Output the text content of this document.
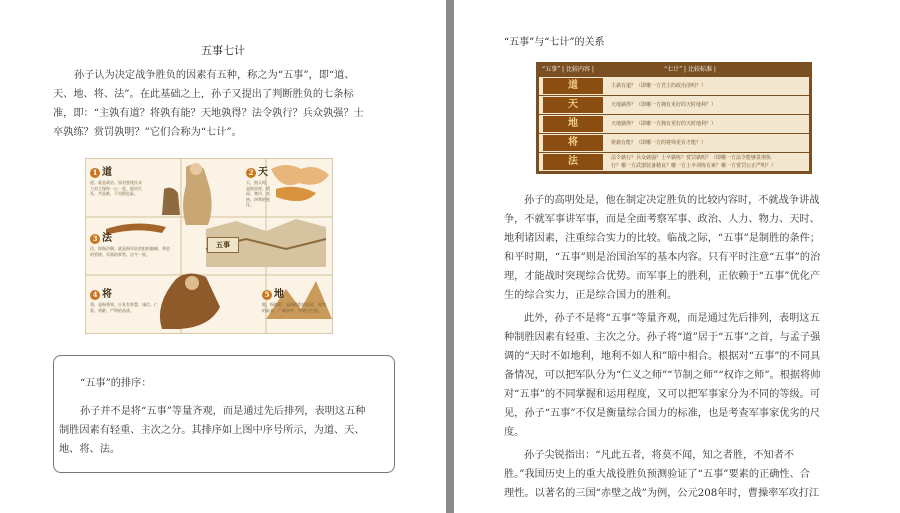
五事七计

孙子认为决定战争胜负的因素有五种，称之为“五事”，即“道、

天、地、将、法”。在此基础之上，孙子又提出了判断胜负的七条标

准，即：“主孰有道？将孰有能？天地孰得？法令孰行？兵众孰强？士

卒孰练？赏罚孰明？”它们合称为“七计”。

1 道
道，就是政治。国君要使民众与君主保持一心一意，能同生死，共患难，不畏惧危险。
2 天
天，指天时，是指昼夜、晴雨、寒冷、炎热、四季的变化。
3 法
法，即指法制。就是指军队的组织编制、将吏的管辖、军需的掌管。法令一致。
4 将
将，是指将领。应具有智慧、诚信、仁爱、勇敢、严明的品质。
5 地
地，指地形，是指路程的远近，地势的险易，广阔狭窄，死地与生地。
五事

“五事”的排序：

孙子并不是将“五事”等量齐观，而是通过先后排列，表明这五种

制胜因素有轻重、主次之分。其排序如上图中序号所示，为道、天、

地、将、法。

“五事”与“七计”的关系

孙子的高明处是，他在制定决定胜负的比较内容时，不就战争讲战

争，不就军事讲军事，而是全面考察军事、政治、人力、物力、天时、

地利诸因素，注重综合实力的比较。临战之际，“五事”是制胜的条件；

和平时期，“五事”则是治国治军的基本内容。只有平时注意“五事”的治

理，才能战时突现综合优势。而军事上的胜利，正依赖于“五事”优化产

生的综合实力，正是综合国力的胜利。

此外，孙子不是将“五事”等量齐观，而是通过先后排列，表明这五

种制胜因素有轻重、主次之分。孙子将“道”居于“五事”之首，与孟子强

调的“天时不如地利，地利不如人和”暗中相合。根据对“五事”的不同具

备情况，可以把军队分为“仁义之师”“节制之师”“权诈之师”。根据将帅

对“五事”的不同掌握和运用程度，又可以把军事家分为不同的等级。可

见，孙子“五事”不仅是衡量综合国力的标准，也是考查军事家优劣的尺

度。

孙子尖锐指出：“凡此五者，将莫不闻，知之者胜，不知者不

胜。”我国历史上的重大战役胜负预测验证了“五事”要素的正确性、合

理性。以著名的三国“赤壁之战”为例，公元208年时，曹操率军攻打江

“五事” | 比较内容 |	“七计” | 比较标准 |
道	主孰有道？（即哪一方君主的政治清明？）
天	天地孰得？（即哪一方拥有更好的天时地利？）
地	天地孰得？（即哪一方拥有更好的天时地利？）
将	将孰有能？（即哪一方的将帅更有才能？）
法	法令孰行？兵众孰强？士卒孰练？赏罚孰明？（即哪一方法令能够贯彻执
行？哪一方武器装备精良？哪一方士卒训练有素？哪一方赏罚公正严明？）
